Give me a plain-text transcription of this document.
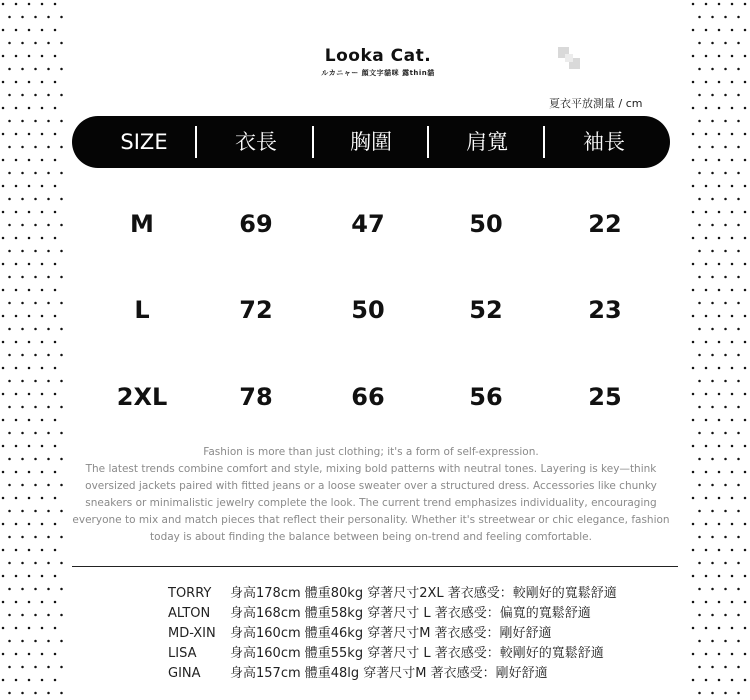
Looka Cat.
ルカニャー 顔文字貓咪 露thin貓
夏衣平放測量 / cm
SIZE	衣長	胸圍	肩寬	袖長
M	69	47	50	22
L	72	50	52	23
2XL	78	66	56	25
Fashion is more than just clothing; it's a form of self-expression.
The latest trends combine comfort and style, mixing bold patterns with neutral tones. Layering is key—think
oversized jackets paired with fitted jeans or a loose sweater over a structured dress. Accessories like chunky
sneakers or minimalistic jewelry complete the look. The current trend emphasizes individuality, encouraging
everyone to mix and match pieces that reflect their personality. Whether it's streetwear or chic elegance, fashion
today is about finding the balance between being on-trend and feeling comfortable.
TORRY 身高178cm 體重80kg 穿著尺寸2XL 著衣感受：較剛好的寬鬆舒適
ALTON 身高168cm 體重58kg 穿著尺寸 L 著衣感受：偏寬的寬鬆舒適
MD-XIN 身高160cm 體重46kg 穿著尺寸M 著衣感受：剛好舒適
LISA	身高160cm 體重55kg 穿著尺寸 L 著衣感受：較剛好的寬鬆舒適
GINA 身高157cm 體重48lg 穿著尺寸M 著衣感受：剛好舒適
